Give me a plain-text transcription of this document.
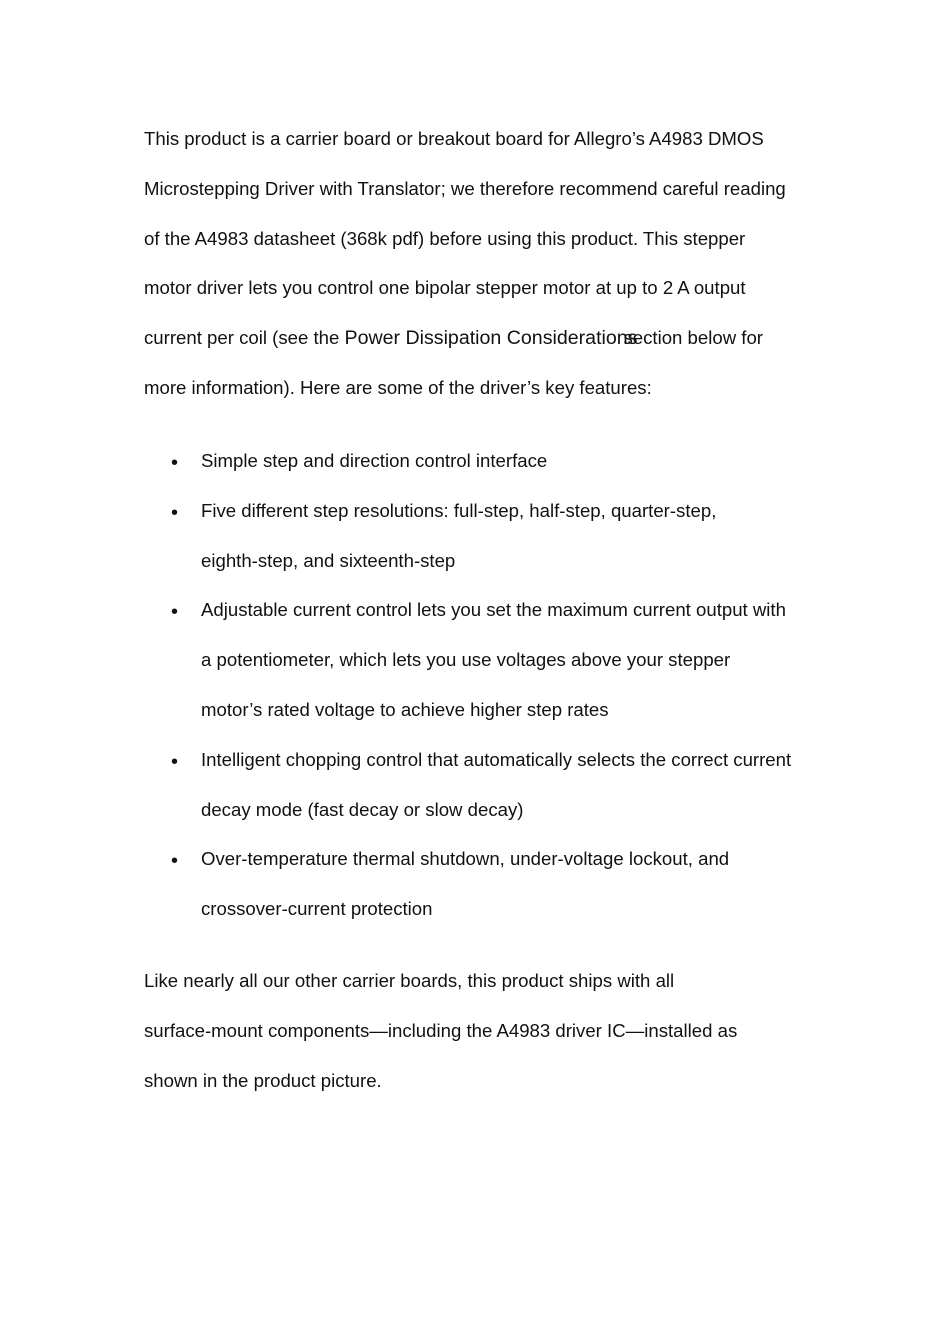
This product is a carrier board or breakout board for Allegro’s A4983 DMOS
Microstepping Driver with Translator; we therefore recommend careful reading
of the A4983 datasheet (368k pdf) before using this product. This stepper
motor driver lets you control one bipolar stepper motor at up to 2 A output
current per coil (see the Power Dissipation Considerationssection below for
more information). Here are some of the driver’s key features:

• Simple step and direction control interface
• Five different step resolutions: full-step, half-step, quarter-step,
eighth-step, and sixteenth-step
• Adjustable current control lets you set the maximum current output with
a potentiometer, which lets you use voltages above your stepper
motor’s rated voltage to achieve higher step rates
• Intelligent chopping control that automatically selects the correct current
decay mode (fast decay or slow decay)
• Over-temperature thermal shutdown, under-voltage lockout, and
crossover-current protection

Like nearly all our other carrier boards, this product ships with all
surface-mount components—including the A4983 driver IC—installed as
shown in the product picture.
